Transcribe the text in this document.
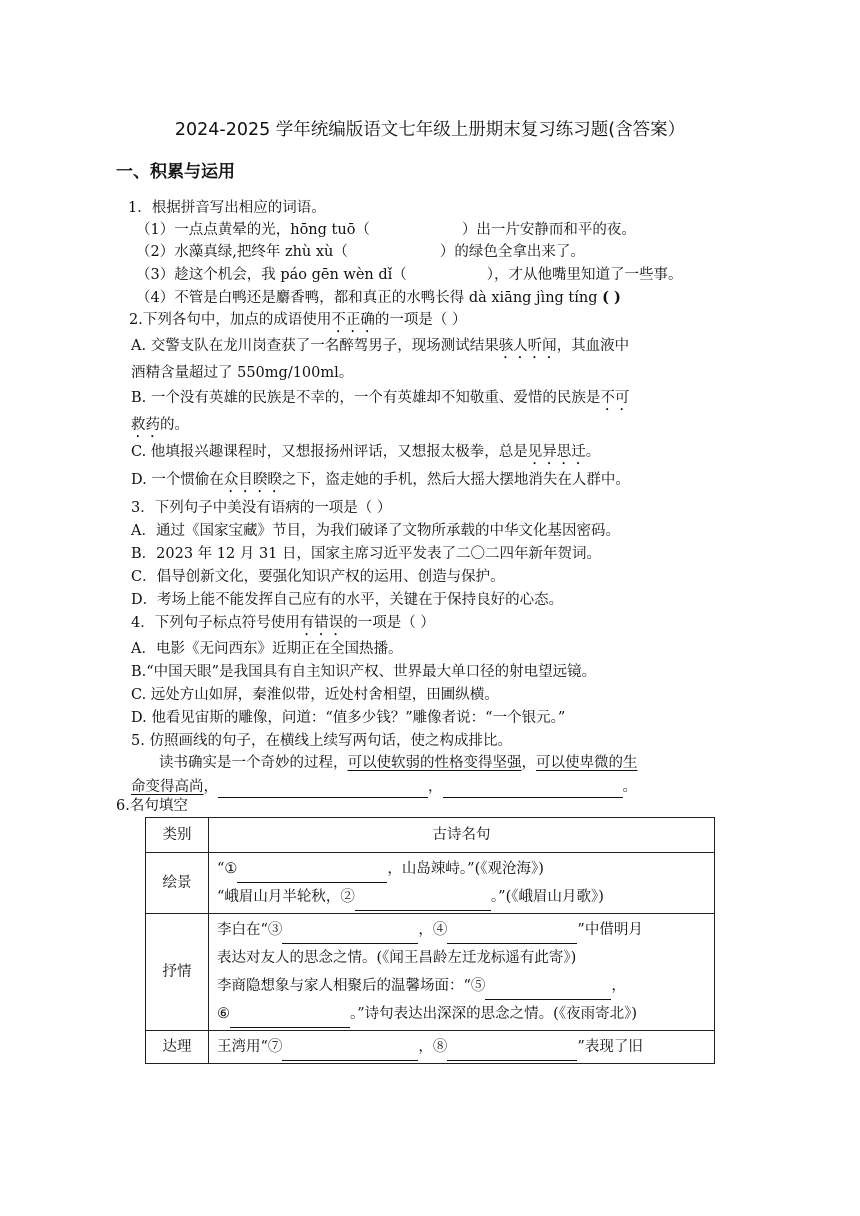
2024-2025 学年统编版语文七年级上册期末复习练习题(含答案）
一、积累与运用
1．根据拼音写出相应的词语。
（1）一点点黄晕的光，hōng tuō（	）出一片安静而和平的夜。
（2）水藻真绿,把终年 zhù xù（	）的绿色全拿出来了。
（3）趁这个机会，我 páo gēn wèn dǐ（	），才从他嘴里知道了一些事。
（4）不管是白鸭还是麝香鸭，都和真正的水鸭长得 dà xiāng jìng tíng ( )
2.下列各句中，加点的成语使用不正确的一项是（ ）
A. 交警支队在龙川岗查获了一名醉驾男子，现场测试结果骇人听闻，其血液中
酒精含量超过了 550mg/100ml。
B. 一个没有英雄的民族是不幸的，一个有英雄却不知敬重、爱惜的民族是不可
救药的。
C. 他填报兴趣课程时，又想报扬州评话，又想报太极拳，总是见异思迁。
D. 一个惯偷在众目睽睽之下，盗走她的手机，然后大摇大摆地消失在人群中。
3．下列句子中美没有语病的一项是（ ）
A．通过《国家宝藏》节目，为我们破译了文物所承载的中华文化基因密码。
B．2023 年 12 月 31 日，国家主席习近平发表了二〇二四年新年贺词。
C．倡导创新文化，要强化知识产权的运用、创造与保护。
D．考场上能不能发挥自己应有的水平，关键在于保持良好的心态。
4．下列句子标点符号使用有错误的一项是（ ）
A．电影《无问西东》近期正在全国热播。
B.“中国天眼”是我国具有自主知识产权、世界最大单口径的射电望远镜。
C. 远处方山如屏，秦淮似带，近处村舍相望，田圃纵横。
D. 他看见宙斯的雕像，问道：“值多少钱？”雕像者说：“一个银元。”
5. 仿照画线的句子，在横线上续写两句话，使之构成排比。
读书确实是一个奇妙的过程，可以使软弱的性格变得坚强，可以使卑微的生
命变得高尚，	，	。
6.名句填空
类别	古诗名句
绘景	“① ，山岛竦峙。”(《观沧海》)
“峨眉山月半轮秋，② 。”(《峨眉山月歌》)

抒情	李白在“③ ，④ ”中借明月
表达对友人的思念之情。(《闻王昌龄左迁龙标遥有此寄》)
李商隐想象与家人相聚后的温馨场面：“⑤ ，
⑥ 。”诗句表达出深深的思念之情。(《夜雨寄北》)

达理	王湾用“⑦ ，⑧ ”表现了旧
